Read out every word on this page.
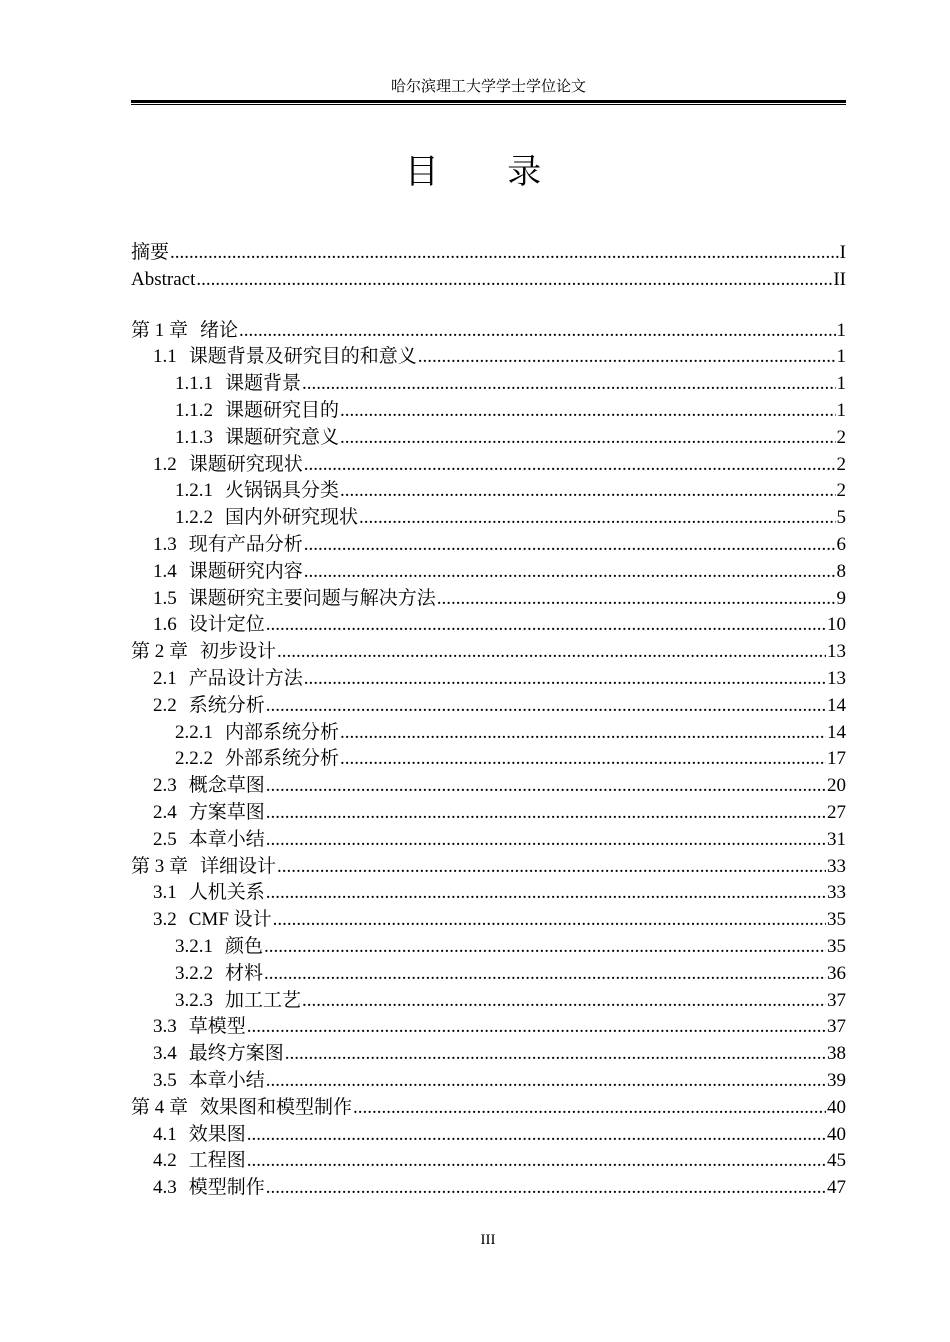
哈尔滨理工大学学士学位论文
目 录
摘要 .....	I
Abstract .....	II
第 1 章 绪论 .....	1
1.1 课题背景及研究目的和意义 .....	1
1.1.1 课题背景 .....	1
1.1.2 课题研究目的 .....	1
1.1.3 课题研究意义 .....	2
1.2 课题研究现状 .....	2
1.2.1 火锅锅具分类 .....	2
1.2.2 国内外研究现状 .....	5
1.3 现有产品分析 .....	6
1.4 课题研究内容 .....	8
1.5 课题研究主要问题与解决方法 .....	9
1.6 设计定位 .....	10
第 2 章 初步设计 .....	13
2.1 产品设计方法 .....	13
2.2 系统分析 .....	14
2.2.1 内部系统分析 .....	14
2.2.2 外部系统分析 .....	17
2.3 概念草图 .....	20
2.4 方案草图 .....	27
2.5 本章小结 .....	31
第 3 章 详细设计 .....	33
3.1 人机关系 .....	33
3.2 CMF 设计 .....	35
3.2.1 颜色 .....	35
3.2.2 材料 .....	36
3.2.3 加工工艺 .....	37
3.3 草模型 .....	37
3.4 最终方案图 .....	38
3.5 本章小结 .....	39
第 4 章 效果图和模型制作 .....	40
4.1 效果图 .....	40
4.2 工程图 .....	45
4.3 模型制作 .....	47
III
